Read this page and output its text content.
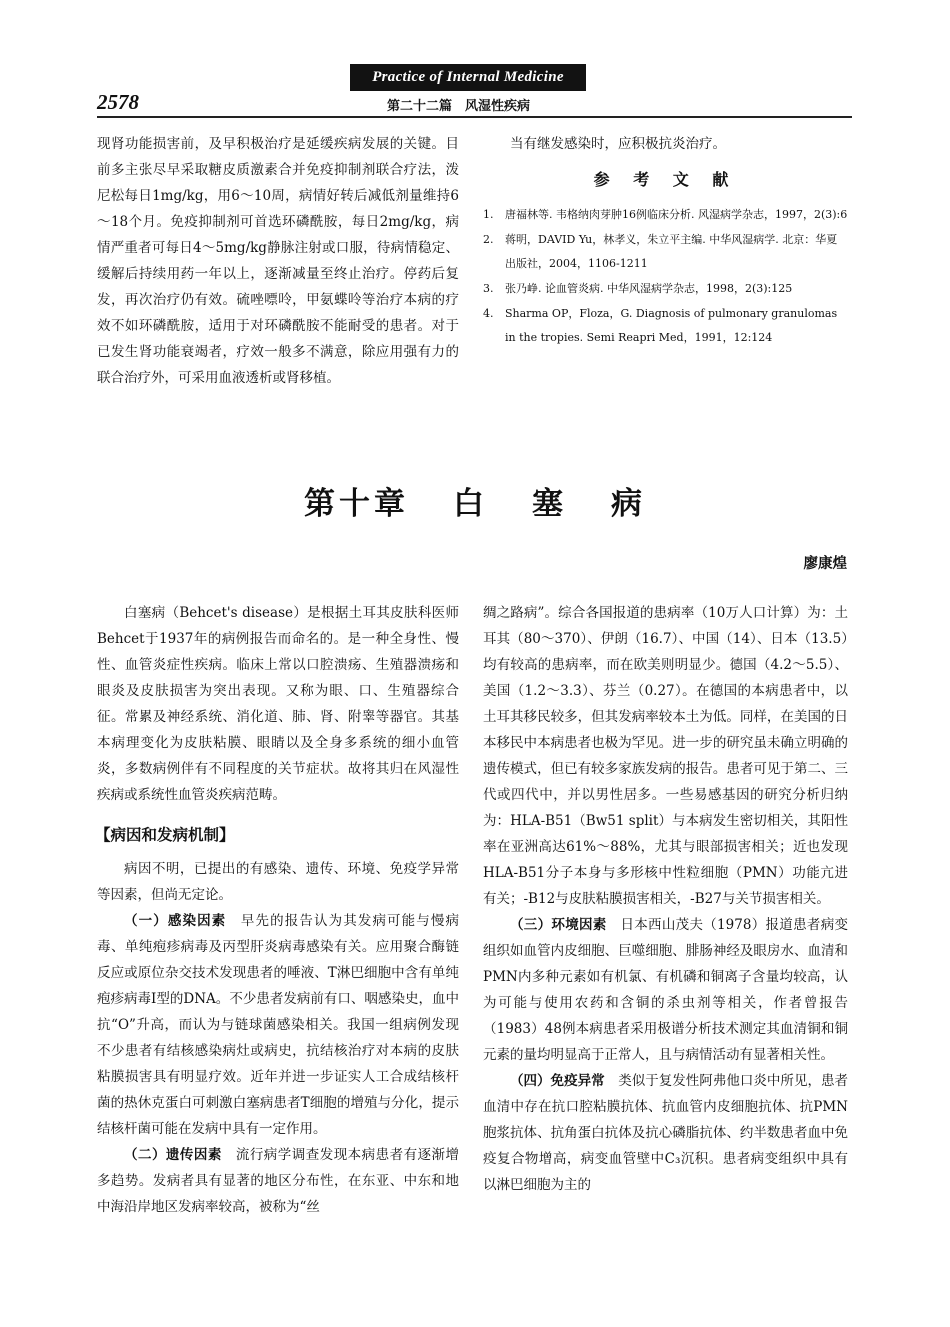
Practice of Internal Medicine
2578	第二十二篇　风湿性疾病

现肾功能损害前，及早积极治疗是延缓疾病发展的关键。目前多主张尽早采取糖皮质激素合并免疫抑制剂联合疗法，泼尼松每日1mg/kg，用6～10周，病情好转后减低剂量维持6～18个月。免疫抑制剂可首选环磷酰胺，每日2mg/kg，病情严重者可每日4～5mg/kg静脉注射或口服，待病情稳定、缓解后持续用药一年以上，逐渐减量至终止治疗。停药后复发，再次治疗仍有效。硫唑嘌呤，甲氨蝶呤等治疗本病的疗效不如环磷酰胺，适用于对环磷酰胺不能耐受的患者。对于已发生肾功能衰竭者，疗效一般多不满意，除应用强有力的联合治疗外，可采用血液透析或肾移植。

当有继发感染时，应积极抗炎治疗。

参 考 文 献
1. 唐福林等. 韦格纳肉芽肿16例临床分析. 风湿病学杂志，1997，2(3):6
2. 蒋明，DAVID Yu，林孝义，朱立平主编. 中华风湿病学. 北京：华夏出版社，2004，1106-1211
3. 张乃峥. 论血管炎病. 中华风湿病学杂志，1998，2(3):125
4. Sharma OP，Floza，G. Diagnosis of pulmonary granulomas in the tropies. Semi Reapri Med，1991，12:124
第十章 白 塞 病
廖康煌

白塞病（Behcet's disease）是根据土耳其皮肤科医师Behcet于1937年的病例报告而命名的。是一种全身性、慢性、血管炎症性疾病。临床上常以口腔溃疡、生殖器溃疡和眼炎及皮肤损害为突出表现。又称为眼、口、生殖器综合征。常累及神经系统、消化道、肺、肾、附睾等器官。其基本病理变化为皮肤粘膜、眼睛以及全身多系统的细小血管炎，多数病例伴有不同程度的关节症状。故将其归在风湿性疾病或系统性血管炎疾病范畴。

【病因和发病机制】

病因不明，已提出的有感染、遗传、环境、免疫学异常等因素，但尚无定论。

（一）感染因素　 早先的报告认为其发病可能与慢病毒、单纯疱疹病毒及丙型肝炎病毒感染有关。应用聚合酶链反应或原位杂交技术发现患者的唾液、T淋巴细胞中含有单纯疱疹病毒Ⅰ型的DNA。不少患者发病前有口、咽感染史，血中抗“O”升高，而认为与链球菌感染相关。我国一组病例发现不少患者有结核感染病灶或病史，抗结核治疗对本病的皮肤粘膜损害具有明显疗效。近年并进一步证实人工合成结核杆菌的热休克蛋白可刺激白塞病患者T细胞的增殖与分化，提示结核杆菌可能在发病中具有一定作用。

（二）遗传因素　 流行病学调查发现本病患者有逐渐增多趋势。发病者具有显著的地区分布性，在东亚、中东和地中海沿岸地区发病率较高，被称为“丝

绸之路病”。综合各国报道的患病率（10万人口计算）为：土耳其（80～370）、伊朗（16.7）、中国（14）、日本（13.5）均有较高的患病率，而在欧美则明显少。德国（4.2～5.5）、美国（1.2～3.3）、芬兰（0.27）。在德国的本病患者中，以土耳其移民较多，但其发病率较本土为低。同样，在美国的日本移民中本病患者也极为罕见。进一步的研究虽未确立明确的遗传模式，但已有较多家族发病的报告。患者可见于第二、三代或四代中，并以男性居多。一些易感基因的研究分析归纳为：HLA-B51（Bw51 split）与本病发生密切相关，其阳性率在亚洲高达61%～88%，尤其与眼部损害相关；近也发现HLA-B51分子本身与多形核中性粒细胞（PMN）功能亢进有关；-B12与皮肤粘膜损害相关，-B27与关节损害相关。

（三）环境因素　 日本西山茂夫（1978）报道患者病变组织如血管内皮细胞、巨噬细胞、腓肠神经及眼房水、血清和PMN内多种元素如有机氯、有机磷和铜离子含量均较高，认为可能与使用农药和含铜的杀虫剂等相关，作者曾报告（1983）48例本病患者采用极谱分析技术测定其血清铜和铜元素的量均明显高于正常人，且与病情活动有显著相关性。

（四）免疫异常　 类似于复发性阿弗他口炎中所见，患者血清中存在抗口腔粘膜抗体、抗血管内皮细胞抗体、抗PMN胞浆抗体、抗角蛋白抗体及抗心磷脂抗体、约半数患者血中免疫复合物增高，病变血管壁中C₃沉积。患者病变组织中具有以淋巴细胞为主的
